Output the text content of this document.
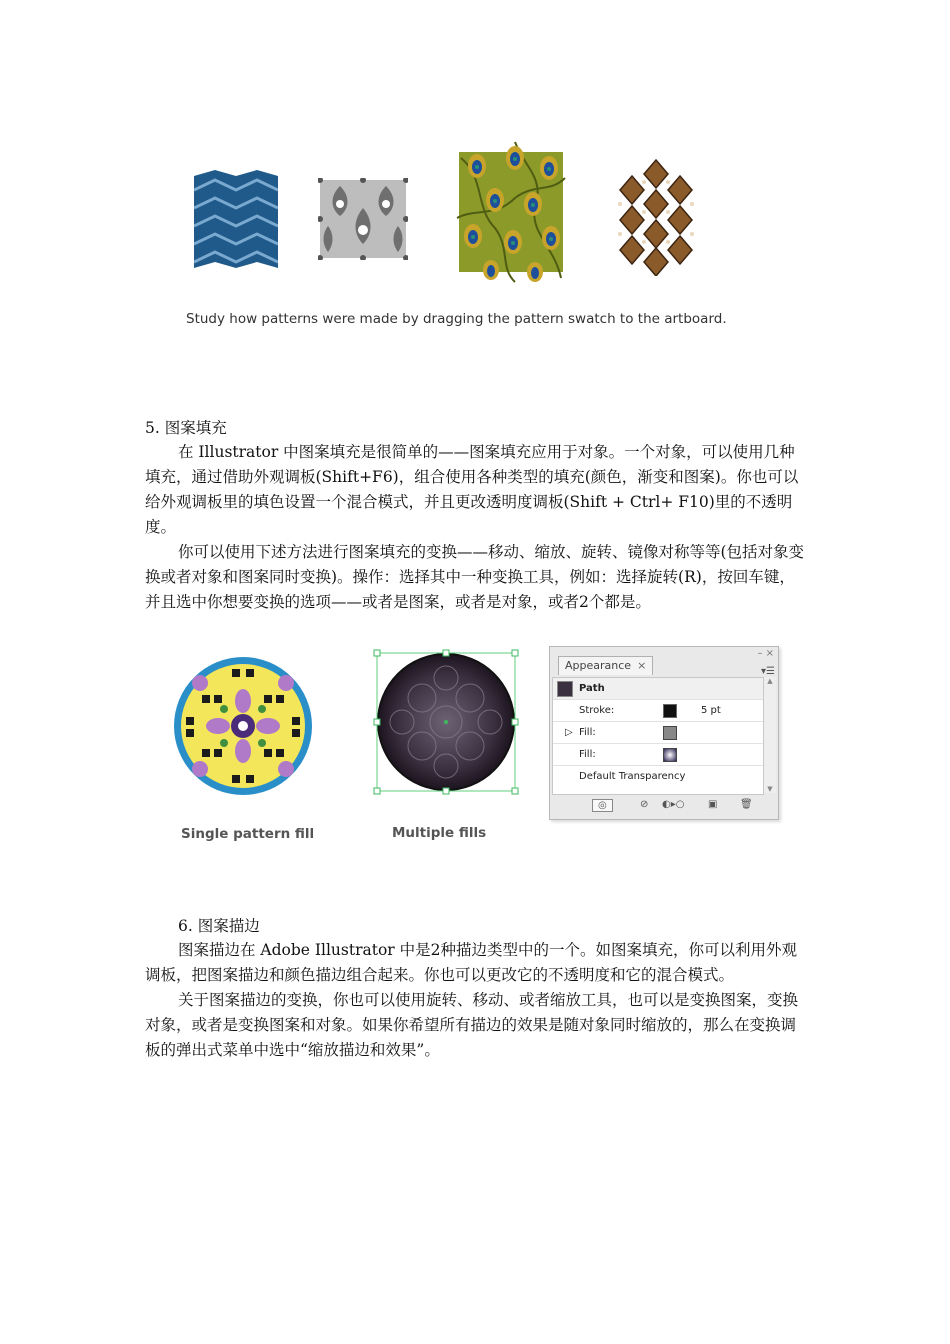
Study how patterns were made by dragging the pattern swatch to the artboard.
5. 图案填充

在 Illustrator 中图案填充是很简单的——图案填充应用于对象。一个对象，可以使用几种填充，通过借助外观调板(Shift+F6)，组合使用各种类型的填充(颜色，渐变和图案)。你也可以给外观调板里的填色设置一个混合模式，并且更改透明度调板(Shift + Ctrl+ F10)里的不透明度。

你可以使用下述方法进行图案填充的变换——移动、缩放、旋转、镜像对称等等(包括对象变换或者对象和图案同时变换)。操作：选择其中一种变换工具，例如：选择旋转(R)，按回车键，并且选中你想要变换的选项——或者是图案，或者是对象，或者2个都是。

Single pattern fill	Multiple fills
– ×
Appearance ×	▾☰
Path
Stroke:	5 pt
▷ Fill:
Fill:
Default Transparency
▲
▼
◎	⊘ ◐▸○ ▣ 🗑
6. 图案描边

图案描边在 Adobe Illustrator 中是2种描边类型中的一个。如图案填充，你可以利用外观调板，把图案描边和颜色描边组合起来。你也可以更改它的不透明度和它的混合模式。

关于图案描边的变换，你也可以使用旋转、移动、或者缩放工具，也可以是变换图案，变换对象，或者是变换图案和对象。如果你希望所有描边的效果是随对象同时缩放的，那么在变换调板的弹出式菜单中选中“缩放描边和效果”。
